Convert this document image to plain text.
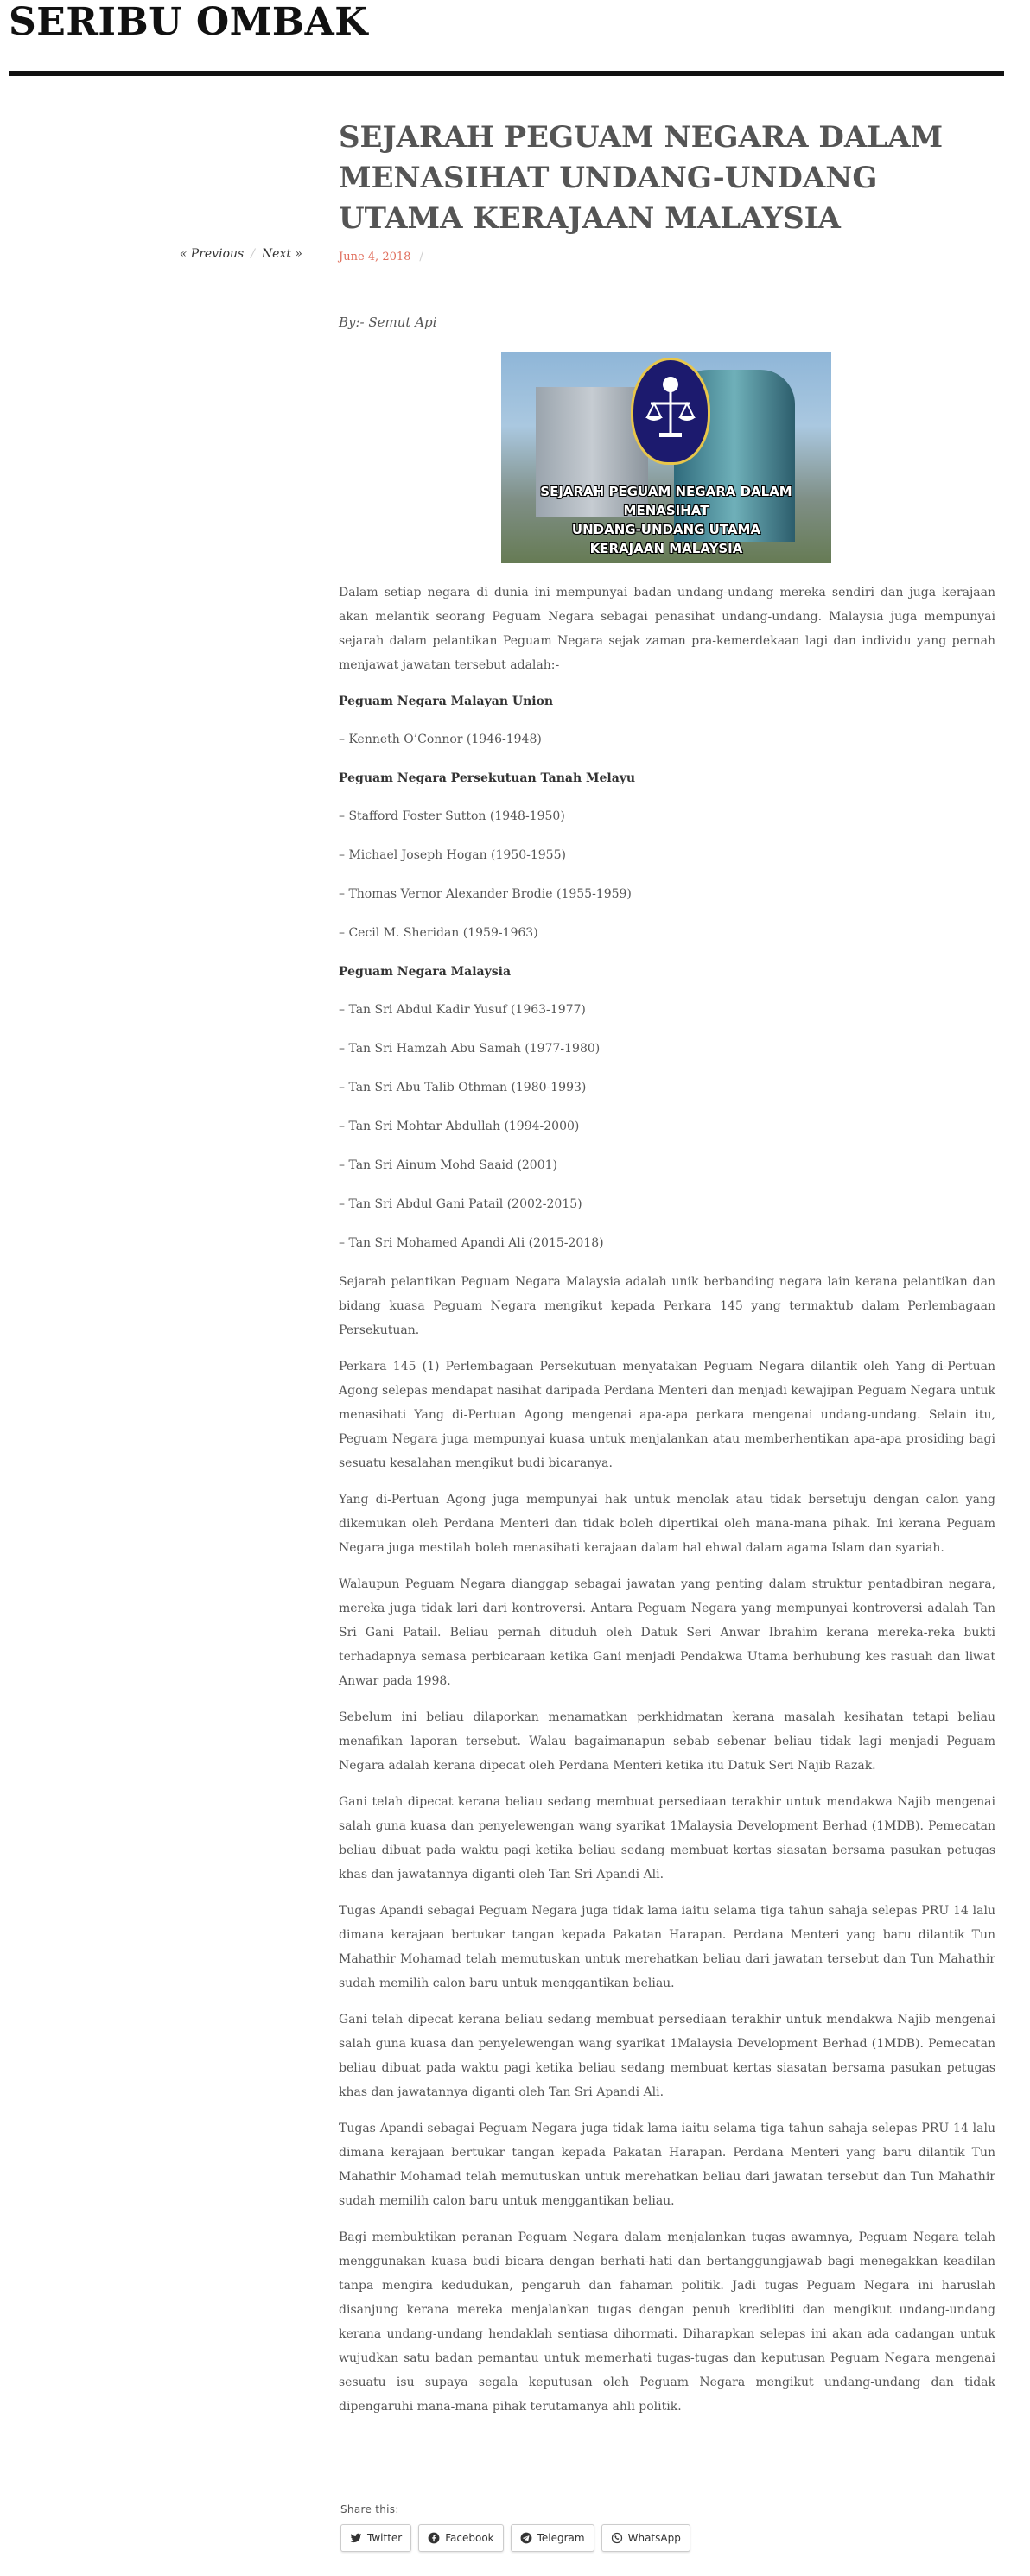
SERIBU OMBAK
« Previous / Next »
SEJARAH PEGUAM NEGARA DALAM MENASIHAT UNDANG-UNDANG UTAMA KERAJAAN MALAYSIA
June 4, 2018 /
By:- Semut Api
SEJARAH PEGUAM NEGARA DALAM MENASIHAT
UNDANG-UNDANG UTAMA
KERAJAAN MALAYSIA

Dalam setiap negara di dunia ini mempunyai badan undang-undang mereka sendiri dan juga kerajaan akan melantik seorang Peguam Negara sebagai penasihat undang-undang. Malaysia juga mempunyai sejarah dalam pelantikan Peguam Negara sejak zaman pra-kemerdekaan lagi dan individu yang pernah menjawat jawatan tersebut adalah:-

Peguam Negara Malayan Union

– Kenneth O’Connor (1946-1948)

Peguam Negara Persekutuan Tanah Melayu

– Stafford Foster Sutton (1948-1950)

– Michael Joseph Hogan (1950-1955)

– Thomas Vernor Alexander Brodie (1955-1959)

– Cecil M. Sheridan (1959-1963)

Peguam Negara Malaysia

– Tan Sri Abdul Kadir Yusuf (1963-1977)

– Tan Sri Hamzah Abu Samah (1977-1980)

– Tan Sri Abu Talib Othman (1980-1993)

– Tan Sri Mohtar Abdullah (1994-2000)

– Tan Sri Ainum Mohd Saaid (2001)

– Tan Sri Abdul Gani Patail (2002-2015)

– Tan Sri Mohamed Apandi Ali (2015-2018)

Sejarah pelantikan Peguam Negara Malaysia adalah unik berbanding negara lain kerana pelantikan dan bidang kuasa Peguam Negara mengikut kepada Perkara 145 yang termaktub dalam Perlembagaan Persekutuan.

Perkara 145 (1) Perlembagaan Persekutuan menyatakan Peguam Negara dilantik oleh Yang di-Pertuan Agong selepas mendapat nasihat daripada Perdana Menteri dan menjadi kewajipan Peguam Negara untuk menasihati Yang di-Pertuan Agong mengenai apa-apa perkara mengenai undang-undang. Selain itu, Peguam Negara juga mempunyai kuasa untuk menjalankan atau memberhentikan apa-apa prosiding bagi sesuatu kesalahan mengikut budi bicaranya.

Yang di-Pertuan Agong juga mempunyai hak untuk menolak atau tidak bersetuju dengan calon yang dikemukan oleh Perdana Menteri dan tidak boleh dipertikai oleh mana-mana pihak. Ini kerana Peguam Negara juga mestilah boleh menasihati kerajaan dalam hal ehwal dalam agama Islam dan syariah.

Walaupun Peguam Negara dianggap sebagai jawatan yang penting dalam struktur pentadbiran negara, mereka juga tidak lari dari kontroversi. Antara Peguam Negara yang mempunyai kontroversi adalah Tan Sri Gani Patail. Beliau pernah dituduh oleh Datuk Seri Anwar Ibrahim kerana mereka-reka bukti terhadapnya semasa perbicaraan ketika Gani menjadi Pendakwa Utama berhubung kes rasuah dan liwat Anwar pada 1998.

Sebelum ini beliau dilaporkan menamatkan perkhidmatan kerana masalah kesihatan tetapi beliau menafikan laporan tersebut. Walau bagaimanapun sebab sebenar beliau tidak lagi menjadi Peguam Negara adalah kerana dipecat oleh Perdana Menteri ketika itu Datuk Seri Najib Razak.

Gani telah dipecat kerana beliau sedang membuat persediaan terakhir untuk mendakwa Najib mengenai salah guna kuasa dan penyelewengan wang syarikat 1Malaysia Development Berhad (1MDB). Pemecatan beliau dibuat pada waktu pagi ketika beliau sedang membuat kertas siasatan bersama pasukan petugas khas dan jawatannya diganti oleh Tan Sri Apandi Ali.

Tugas Apandi sebagai Peguam Negara juga tidak lama iaitu selama tiga tahun sahaja selepas PRU 14 lalu dimana kerajaan bertukar tangan kepada Pakatan Harapan. Perdana Menteri yang baru dilantik Tun Mahathir Mohamad telah memutuskan untuk merehatkan beliau dari jawatan tersebut dan Tun Mahathir sudah memilih calon baru untuk menggantikan beliau.

Gani telah dipecat kerana beliau sedang membuat persediaan terakhir untuk mendakwa Najib mengenai salah guna kuasa dan penyelewengan wang syarikat 1Malaysia Development Berhad (1MDB). Pemecatan beliau dibuat pada waktu pagi ketika beliau sedang membuat kertas siasatan bersama pasukan petugas khas dan jawatannya diganti oleh Tan Sri Apandi Ali.

Tugas Apandi sebagai Peguam Negara juga tidak lama iaitu selama tiga tahun sahaja selepas PRU 14 lalu dimana kerajaan bertukar tangan kepada Pakatan Harapan. Perdana Menteri yang baru dilantik Tun Mahathir Mohamad telah memutuskan untuk merehatkan beliau dari jawatan tersebut dan Tun Mahathir sudah memilih calon baru untuk menggantikan beliau.

Bagi membuktikan peranan Peguam Negara dalam menjalankan tugas awamnya, Peguam Negara telah menggunakan kuasa budi bicara dengan berhati-hati dan bertanggungjawab bagi menegakkan keadilan tanpa mengira kedudukan, pengaruh dan fahaman politik. Jadi tugas Peguam Negara ini haruslah disanjung kerana mereka menjalankan tugas dengan penuh kredibliti dan mengikut undang-undang kerana undang-undang hendaklah sentiasa dihormati. Diharapkan selepas ini akan ada cadangan untuk wujudkan satu badan pemantau untuk memerhati tugas-tugas dan keputusan Peguam Negara mengenai sesuatu isu supaya segala keputusan oleh Peguam Negara mengikut undang-undang dan tidak dipengaruhi mana-mana pihak terutamanya ahli politik.

Share this:
Twitter	Facebook	Telegram	WhatsApp
